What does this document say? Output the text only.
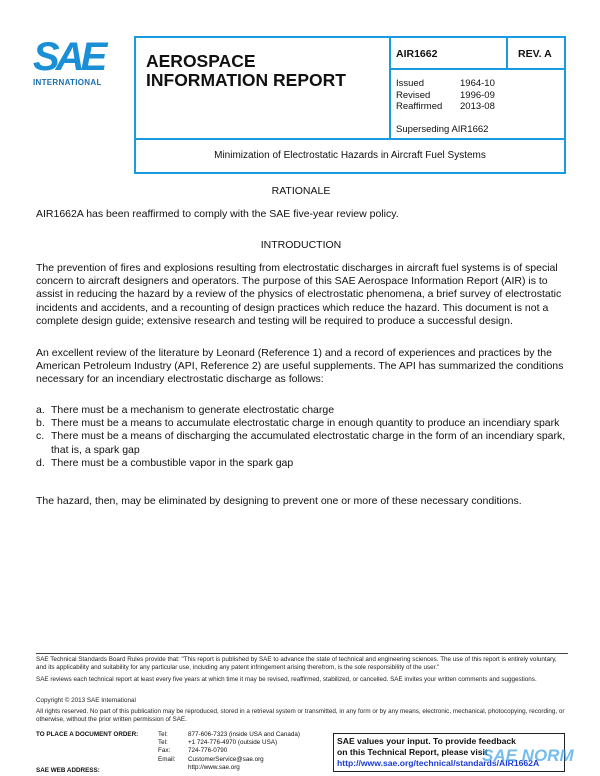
SAE
INTERNATIONAL
AEROSPACE
INFORMATION REPORT
AIR1662	REV. A
Issued	1964-10
Revised	1996-09
Reaffirmed	2013-08
Superseding AIR1662
Minimization of Electrostatic Hazards in Aircraft Fuel Systems
RATIONALE
AIR1662A has been reaffirmed to comply with the SAE five-year review policy.
INTRODUCTION
The prevention of fires and explosions resulting from electrostatic discharges in aircraft fuel systems is of special concern to aircraft designers and operators. The purpose of this SAE Aerospace Information Report (AIR) is to assist in reducing the hazard by a review of the physics of electrostatic phenomena, a brief survey of electrostatic incidents and accidents, and a recounting of design practices which reduce the hazard. This document is not a complete design guide; extensive research and testing will be required to produce a successful design.
An excellent review of the literature by Leonard (Reference 1) and a record of experiences and practices by the American Petroleum Industry (API, Reference 2) are useful supplements. The API has summarized the conditions necessary for an incendiary electrostatic discharge as follows:
a. There must be a mechanism to generate electrostatic charge
b. There must be a means to accumulate electrostatic charge in enough quantity to produce an incendiary spark
c. There must be a means of discharging the accumulated electrostatic charge in the form of an incendiary spark, that is, a spark gap
d. There must be a combustible vapor in the spark gap
The hazard, then, may be eliminated by designing to prevent one or more of these necessary conditions.
SAE Technical Standards Board Rules provide that: "This report is published by SAE to advance the state of technical and engineering sciences. The use of this report is entirely voluntary, and its applicability and suitability for any particular use, including any patent infringement arising therefrom, is the sole responsibility of the user."
SAE reviews each technical report at least every five years at which time it may be revised, reaffirmed, stabilized, or cancelled. SAE invites your written comments and suggestions.
Copyright © 2013 SAE International
All rights reserved. No part of this publication may be reproduced, stored in a retrieval system or transmitted, in any form or by any means, electronic, mechanical, photocopying, recording, or otherwise, without the prior written permission of SAE.
TO PLACE A DOCUMENT ORDER:
SAE WEB ADDRESS:
Tel:	877-606-7323 (inside USA and Canada)
Tel:	+1 724-776-4970 (outside USA)
Fax:	724-776-0790
Email:	CustomerService@sae.org
http://www.sae.org
SAE values your input. To provide feedback
on this Technical Report, please visit
http://www.sae.org/technical/standards/AIR1662A
SAE NORM
